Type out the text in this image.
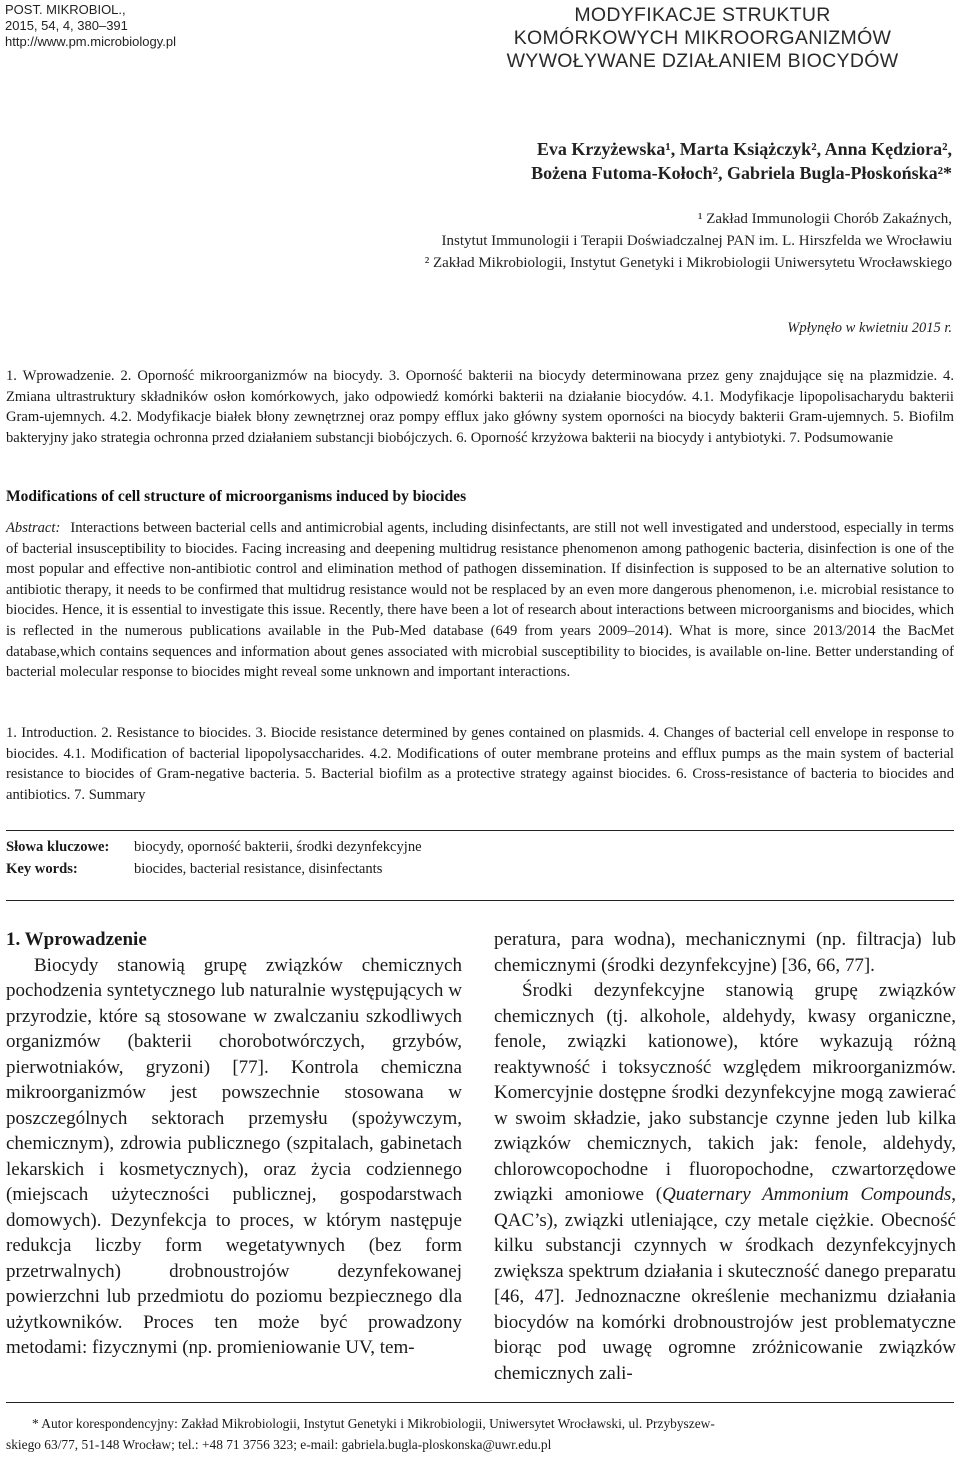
POST. MIKROBIOL.,
2015, 54, 4, 380–391
http://www.pm.microbiology.pl
MODYFIKACJE STRUKTUR
KOMÓRKOWYCH MIKROORGANIZMÓW
WYWOŁYWANE DZIAŁANIEM BIOCYDÓW
Eva Krzyżewska¹, Marta Książczyk², Anna Kędziora²,
Bożena Futoma-Kołoch², Gabriela Bugla-Płoskońska²*
¹ Zakład Immunologii Chorób Zakaźnych,
Instytut Immunologii i Terapii Doświadczalnej PAN im. L. Hirszfelda we Wrocławiu
² Zakład Mikrobiologii, Instytut Genetyki i Mikrobiologii Uniwersytetu Wrocławskiego
Wpłynęło w kwietniu 2015 r.
1. Wprowadzenie. 2. Oporność mikroorganizmów na biocydy. 3. Oporność bakterii na biocydy determinowana przez geny znajdujące się na plazmidzie. 4. Zmiana ultrastruktury składników osłon komórkowych, jako odpowiedź komórki bakterii na działanie biocydów. 4.1. Modyfikacje lipopolisacharydu bakterii Gram-ujemnych. 4.2. Modyfikacje białek błony zewnętrznej oraz pompy efflux jako główny system oporności na biocydy bakterii Gram-ujemnych. 5. Biofilm bakteryjny jako strategia ochronna przed działaniem substancji biobójczych. 6. Oporność krzyżowa bakterii na biocydy i antybiotyki. 7. Podsumowanie
Modifications of cell structure of microorganisms induced by biocides
Abstract: Interactions between bacterial cells and antimicrobial agents, including disinfectants, are still not well investigated and understood, especially in terms of bacterial insusceptibility to biocides. Facing increasing and deepening multidrug resistance phenomenon among pathogenic bacteria, disinfection is one of the most popular and effective non-antibiotic control and elimination method of pathogen dissemination. If disinfection is supposed to be an alternative solution to antibiotic therapy, it needs to be confirmed that multidrug resistance would not be resplaced by an even more dangerous phenomenon, i.e. microbial resistance to biocides. Hence, it is essential to investigate this issue. Recently, there have been a lot of research about interactions between microorganisms and biocides, which is reflected in the numerous publications available in the Pub-Med database (649 from years 2009–2014). What is more, since 2013/2014 the BacMet database,which contains sequences and information about genes associated with microbial susceptibility to biocides, is available on-line. Better understanding of bacterial molecular response to biocides might reveal some unknown and important interactions.
1. Introduction. 2. Resistance to biocides. 3. Biocide resistance determined by genes contained on plasmids. 4. Changes of bacterial cell envelope in response to biocides. 4.1. Modification of bacterial lipopolysaccharides. 4.2. Modifications of outer membrane proteins and efflux pumps as the main system of bacterial resistance to biocides of Gram-negative bacteria. 5. Bacterial biofilm as a protective strategy against biocides. 6. Cross-resistance of bacteria to biocides and antibiotics. 7. Summary
Słowa kluczowe: biocydy, oporność bakterii, środki dezynfekcyjne
Key words:	biocides, bacterial resistance, disinfectants

1. Wprowadzenie

Biocydy stanowią grupę związków chemicznych pochodzenia syntetycznego lub naturalnie występujących w przyrodzie, które są stosowane w zwalczaniu szkodliwych organizmów (bakterii chorobotwórczych, grzybów, pierwotniaków, gryzoni) [77]. Kontrola chemiczna mikroorganizmów jest powszechnie stosowana w poszczególnych sektorach przemysłu (spożywczym, chemicznym), zdrowia publicznego (szpitalach, gabinetach lekarskich i kosmetycznych), oraz życia codziennego (miejscach użyteczności publicznej, gospodarstwach domowych). Dezynfekcja to proces, w którym następuje redukcja liczby form wegetatywnych (bez form przetrwalnych) drobnoustrojów dezynfekowanej powierzchni lub przedmiotu do poziomu bezpiecznego dla użytkowników. Proces ten może być prowadzony metodami: fizycznymi (np. promieniowanie UV, tem-

peratura, para wodna), mechanicznymi (np. filtracja) lub chemicznymi (środki dezynfekcyjne) [36, 66, 77].

Środki dezynfekcyjne stanowią grupę związków chemicznych (tj. alkohole, aldehydy, kwasy organiczne, fenole, związki kationowe), które wykazują różną reaktywność i toksyczność względem mikroorganizmów. Komercyjnie dostępne środki dezynfekcyjne mogą zawierać w swoim składzie, jako substancje czynne jeden lub kilka związków chemicznych, takich jak: fenole, aldehydy, chlorowcopochodne i fluoropochodne, czwartorzędowe związki amoniowe (Quaternary Ammonium Compounds, QAC’s), związki utleniające, czy metale ciężkie. Obecność kilku substancji czynnych w środkach dezynfekcyjnych zwiększa spektrum działania i skuteczność danego preparatu [46, 47]. Jednoznaczne określenie mechanizmu działania biocydów na komórki drobnoustrojów jest problematyczne biorąc pod uwagę ogromne zróżnicowanie związków chemicznych zali-

* Autor korespondencyjny: Zakład Mikrobiologii, Instytut Genetyki i Mikrobiologii, Uniwersytet Wrocławski, ul. Przybyszew-
skiego 63/77, 51-148 Wrocław; tel.: +48 71 3756 323; e-mail: gabriela.bugla-ploskonska@uwr.edu.pl
